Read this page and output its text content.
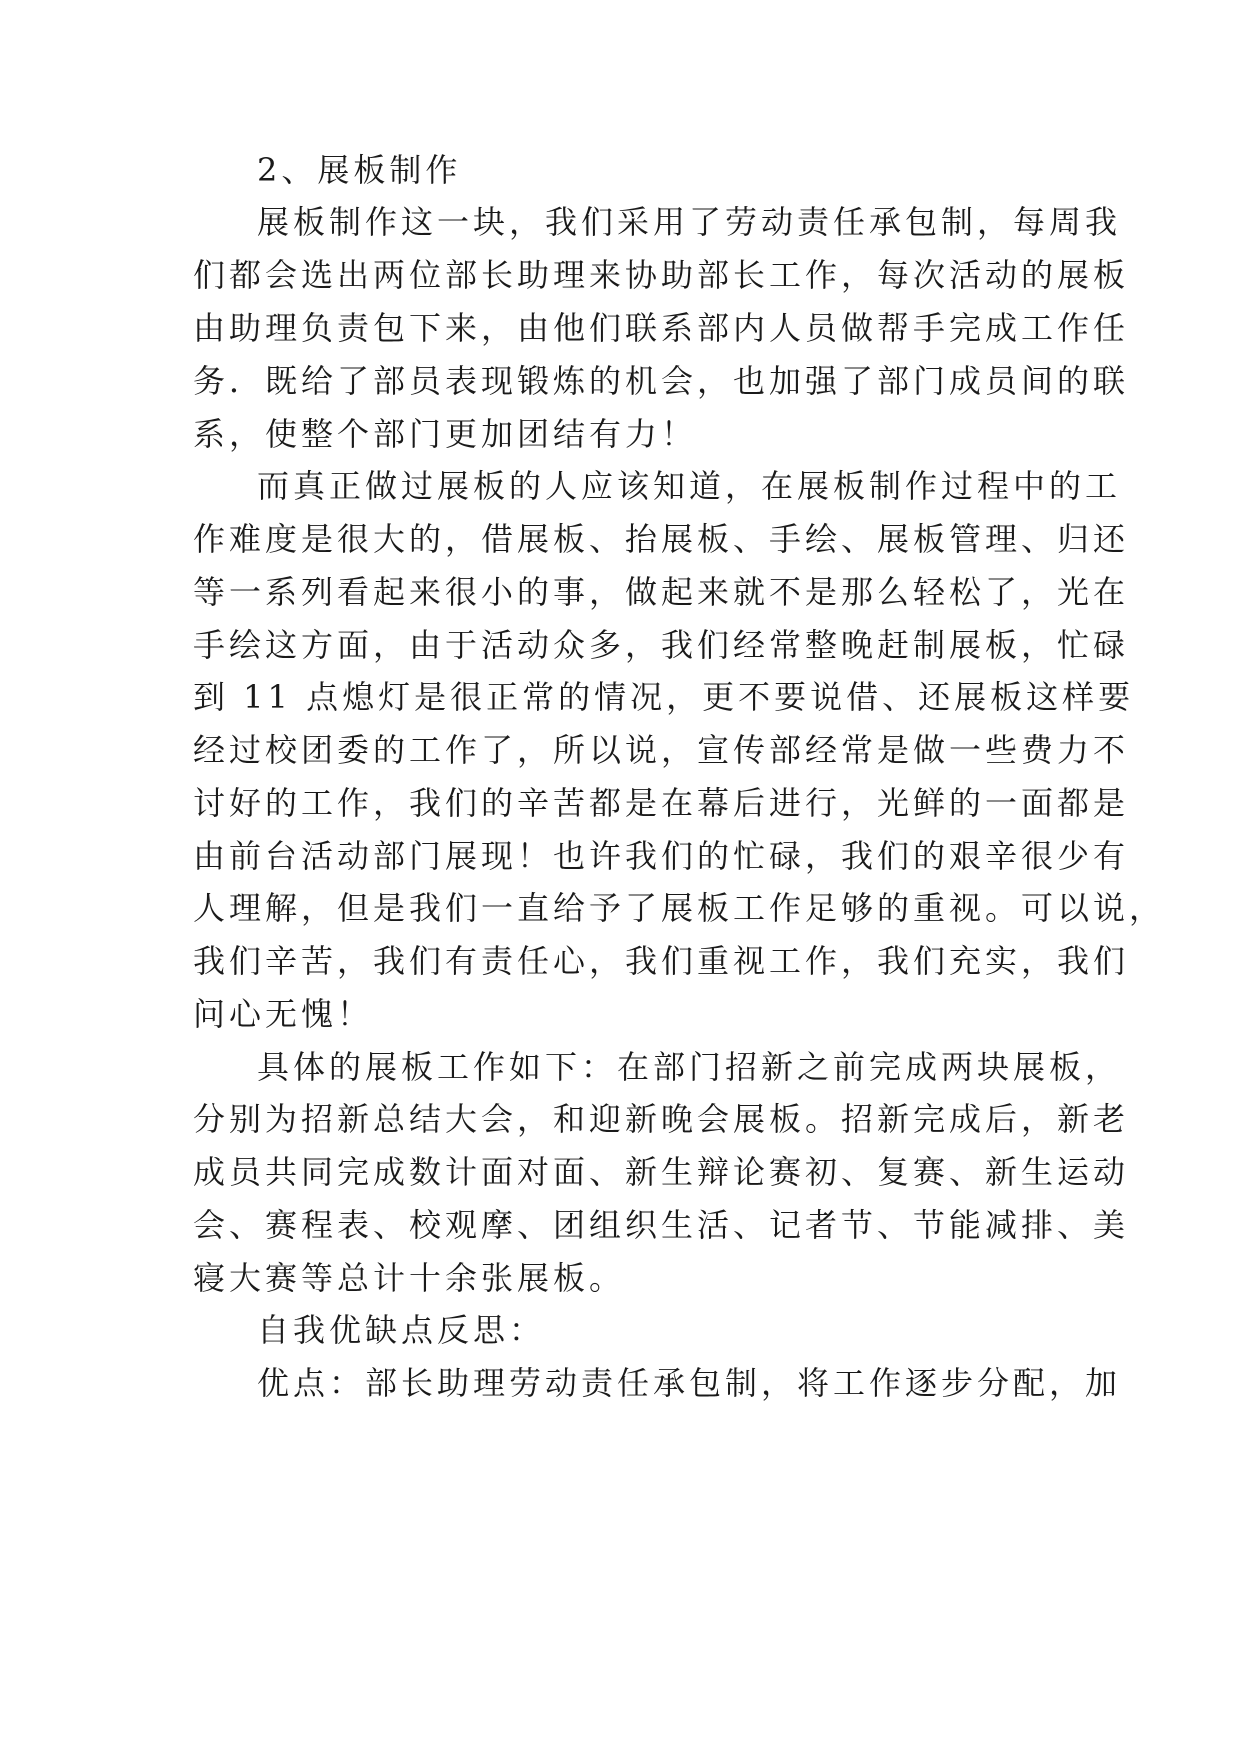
2、展板制作
展板制作这一块，我们采用了劳动责任承包制，每周我
们都会选出两位部长助理来协助部长工作，每次活动的展板
由助理负责包下来，由他们联系部内人员做帮手完成工作任
务．既给了部员表现锻炼的机会，也加强了部门成员间的联
系，使整个部门更加团结有力！
而真正做过展板的人应该知道，在展板制作过程中的工
作难度是很大的，借展板、抬展板、手绘、展板管理、归还
等一系列看起来很小的事，做起来就不是那么轻松了，光在
手绘这方面，由于活动众多，我们经常整晚赶制展板，忙碌
到 11 点熄灯是很正常的情况，更不要说借、还展板这样要
经过校团委的工作了，所以说，宣传部经常是做一些费力不
讨好的工作，我们的辛苦都是在幕后进行，光鲜的一面都是
由前台活动部门展现！也许我们的忙碌，我们的艰辛很少有
人理解，但是我们一直给予了展板工作足够的重视。可以说，
我们辛苦，我们有责任心，我们重视工作，我们充实，我们
问心无愧！
具体的展板工作如下：在部门招新之前完成两块展板，
分别为招新总结大会，和迎新晚会展板。招新完成后，新老
成员共同完成数计面对面、新生辩论赛初、复赛、新生运动
会、赛程表、校观摩、团组织生活、记者节、节能减排、美
寝大赛等总计十余张展板。
自我优缺点反思：
优点：部长助理劳动责任承包制，将工作逐步分配，加
